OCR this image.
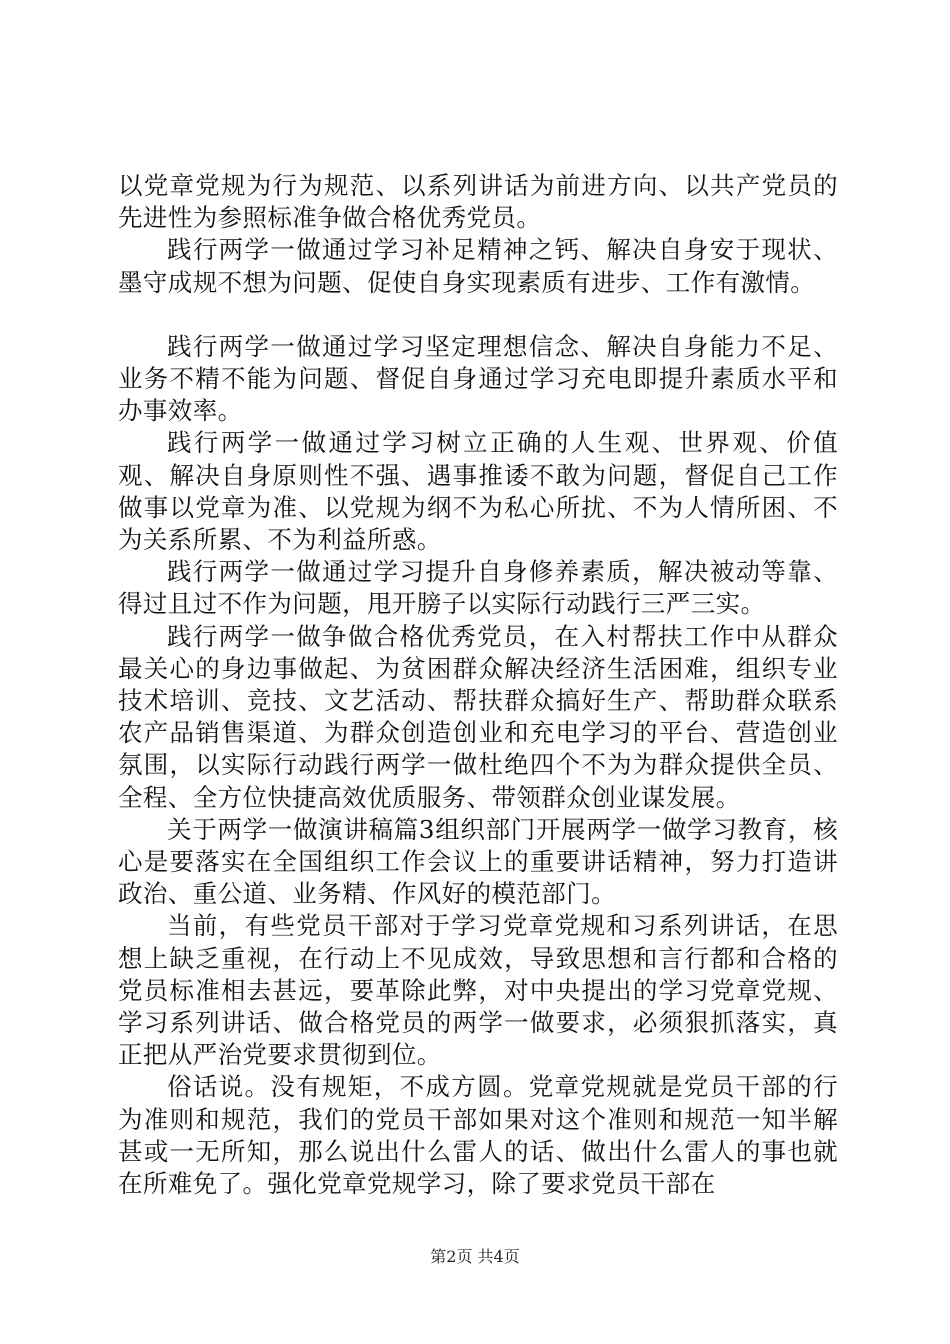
以党章党规为行为规范、以系列讲话为前进方向、以共产党员的先进性为参照标准争做合格优秀党员。

践行两学一做通过学习补足精神之钙、解决自身安于现状、墨守成规不想为问题、促使自身实现素质有进步、工作有激情。

践行两学一做通过学习坚定理想信念、解决自身能力不足、业务不精不能为问题、督促自身通过学习充电即提升素质水平和办事效率。

践行两学一做通过学习树立正确的人生观、世界观、价值观、解决自身原则性不强、遇事推诿不敢为问题，督促自己工作做事以党章为准、以党规为纲不为私心所扰、不为人情所困、不为关系所累、不为利益所惑。

践行两学一做通过学习提升自身修养素质，解决被动等靠、得过且过不作为问题，甩开膀子以实际行动践行三严三实。

践行两学一做争做合格优秀党员，在入村帮扶工作中从群众最关心的身边事做起、为贫困群众解决经济生活困难，组织专业技术培训、竞技、文艺活动、帮扶群众搞好生产、帮助群众联系农产品销售渠道、为群众创造创业和充电学习的平台、营造创业氛围，以实际行动践行两学一做杜绝四个不为为群众提供全员、全程、全方位快捷高效优质服务、带领群众创业谋发展。

关于两学一做演讲稿篇3组织部门开展两学一做学习教育，核心是要落实在全国组织工作会议上的重要讲话精神，努力打造讲政治、重公道、业务精、作风好的模范部门。

当前，有些党员干部对于学习党章党规和习系列讲话，在思想上缺乏重视，在行动上不见成效，导致思想和言行都和合格的党员标准相去甚远，要革除此弊，对中央提出的学习党章党规、学习系列讲话、做合格党员的两学一做要求，必须狠抓落实，真正把从严治党要求贯彻到位。

俗话说。没有规矩，不成方圆。党章党规就是党员干部的行为准则和规范，我们的党员干部如果对这个准则和规范一知半解甚或一无所知，那么说出什么雷人的话、做出什么雷人的事也就在所难免了。强化党章党规学习，除了要求党员干部在

第2页 共4页
